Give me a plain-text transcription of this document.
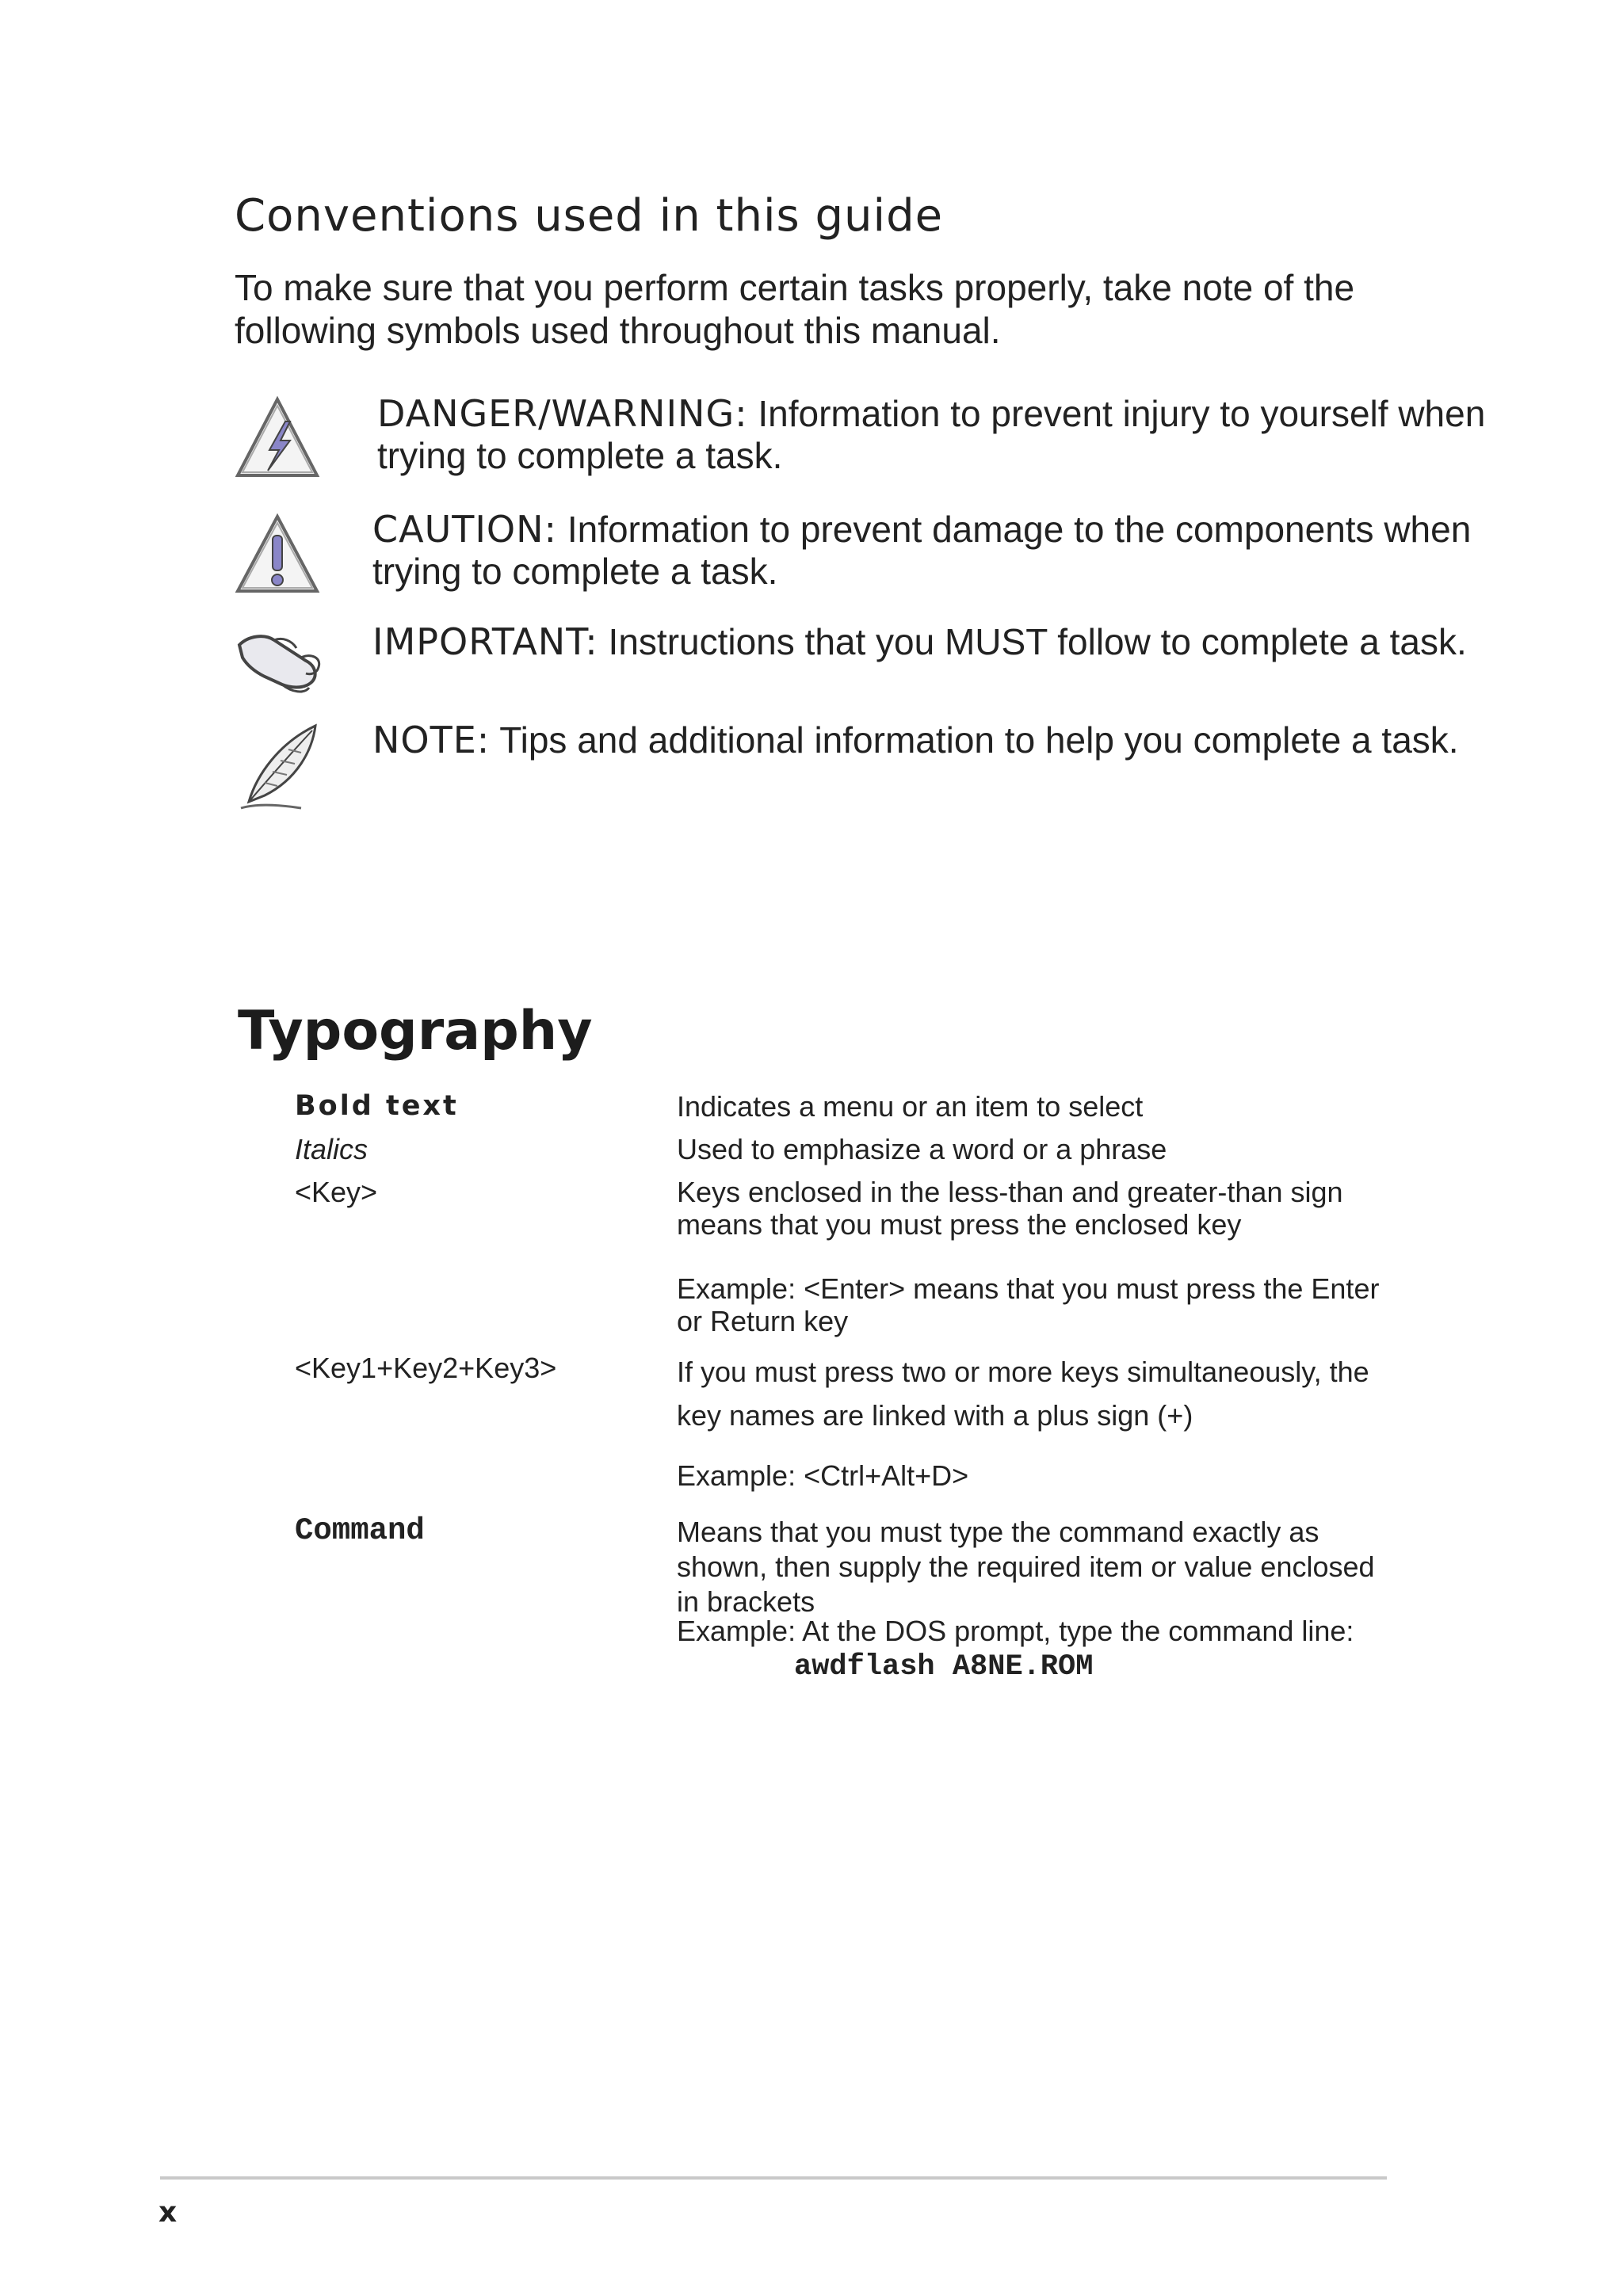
Conventions used in this guide
To make sure that you perform certain tasks properly, take note of the following symbols used throughout this manual.
DANGER/WARNING: Information to prevent injury to yourself when trying to complete a task.
CAUTION: Information to prevent damage to the components when trying to complete a task.
IMPORTANT: Instructions that you MUST follow to complete a task.
NOTE: Tips and additional information to help you complete a task.
Typography
Bold text	Indicates a menu or an item to select
Italics	Used to emphasize a word or a phrase
<Key>	Keys enclosed in the less-than and greater-than sign means that you must press the enclosed key
Example: <Enter> means that you must press the Enter or Return key
<Key1+Key2+Key3>	If you must press two or more keys simultaneously, the key names are linked with a plus sign (+)
Example: <Ctrl+Alt+D>
Command	Means that you must type the command exactly as shown, then supply the required item or value enclosed in brackets
Example: At the DOS prompt, type the command line:
awdflash A8NE.ROM
x
